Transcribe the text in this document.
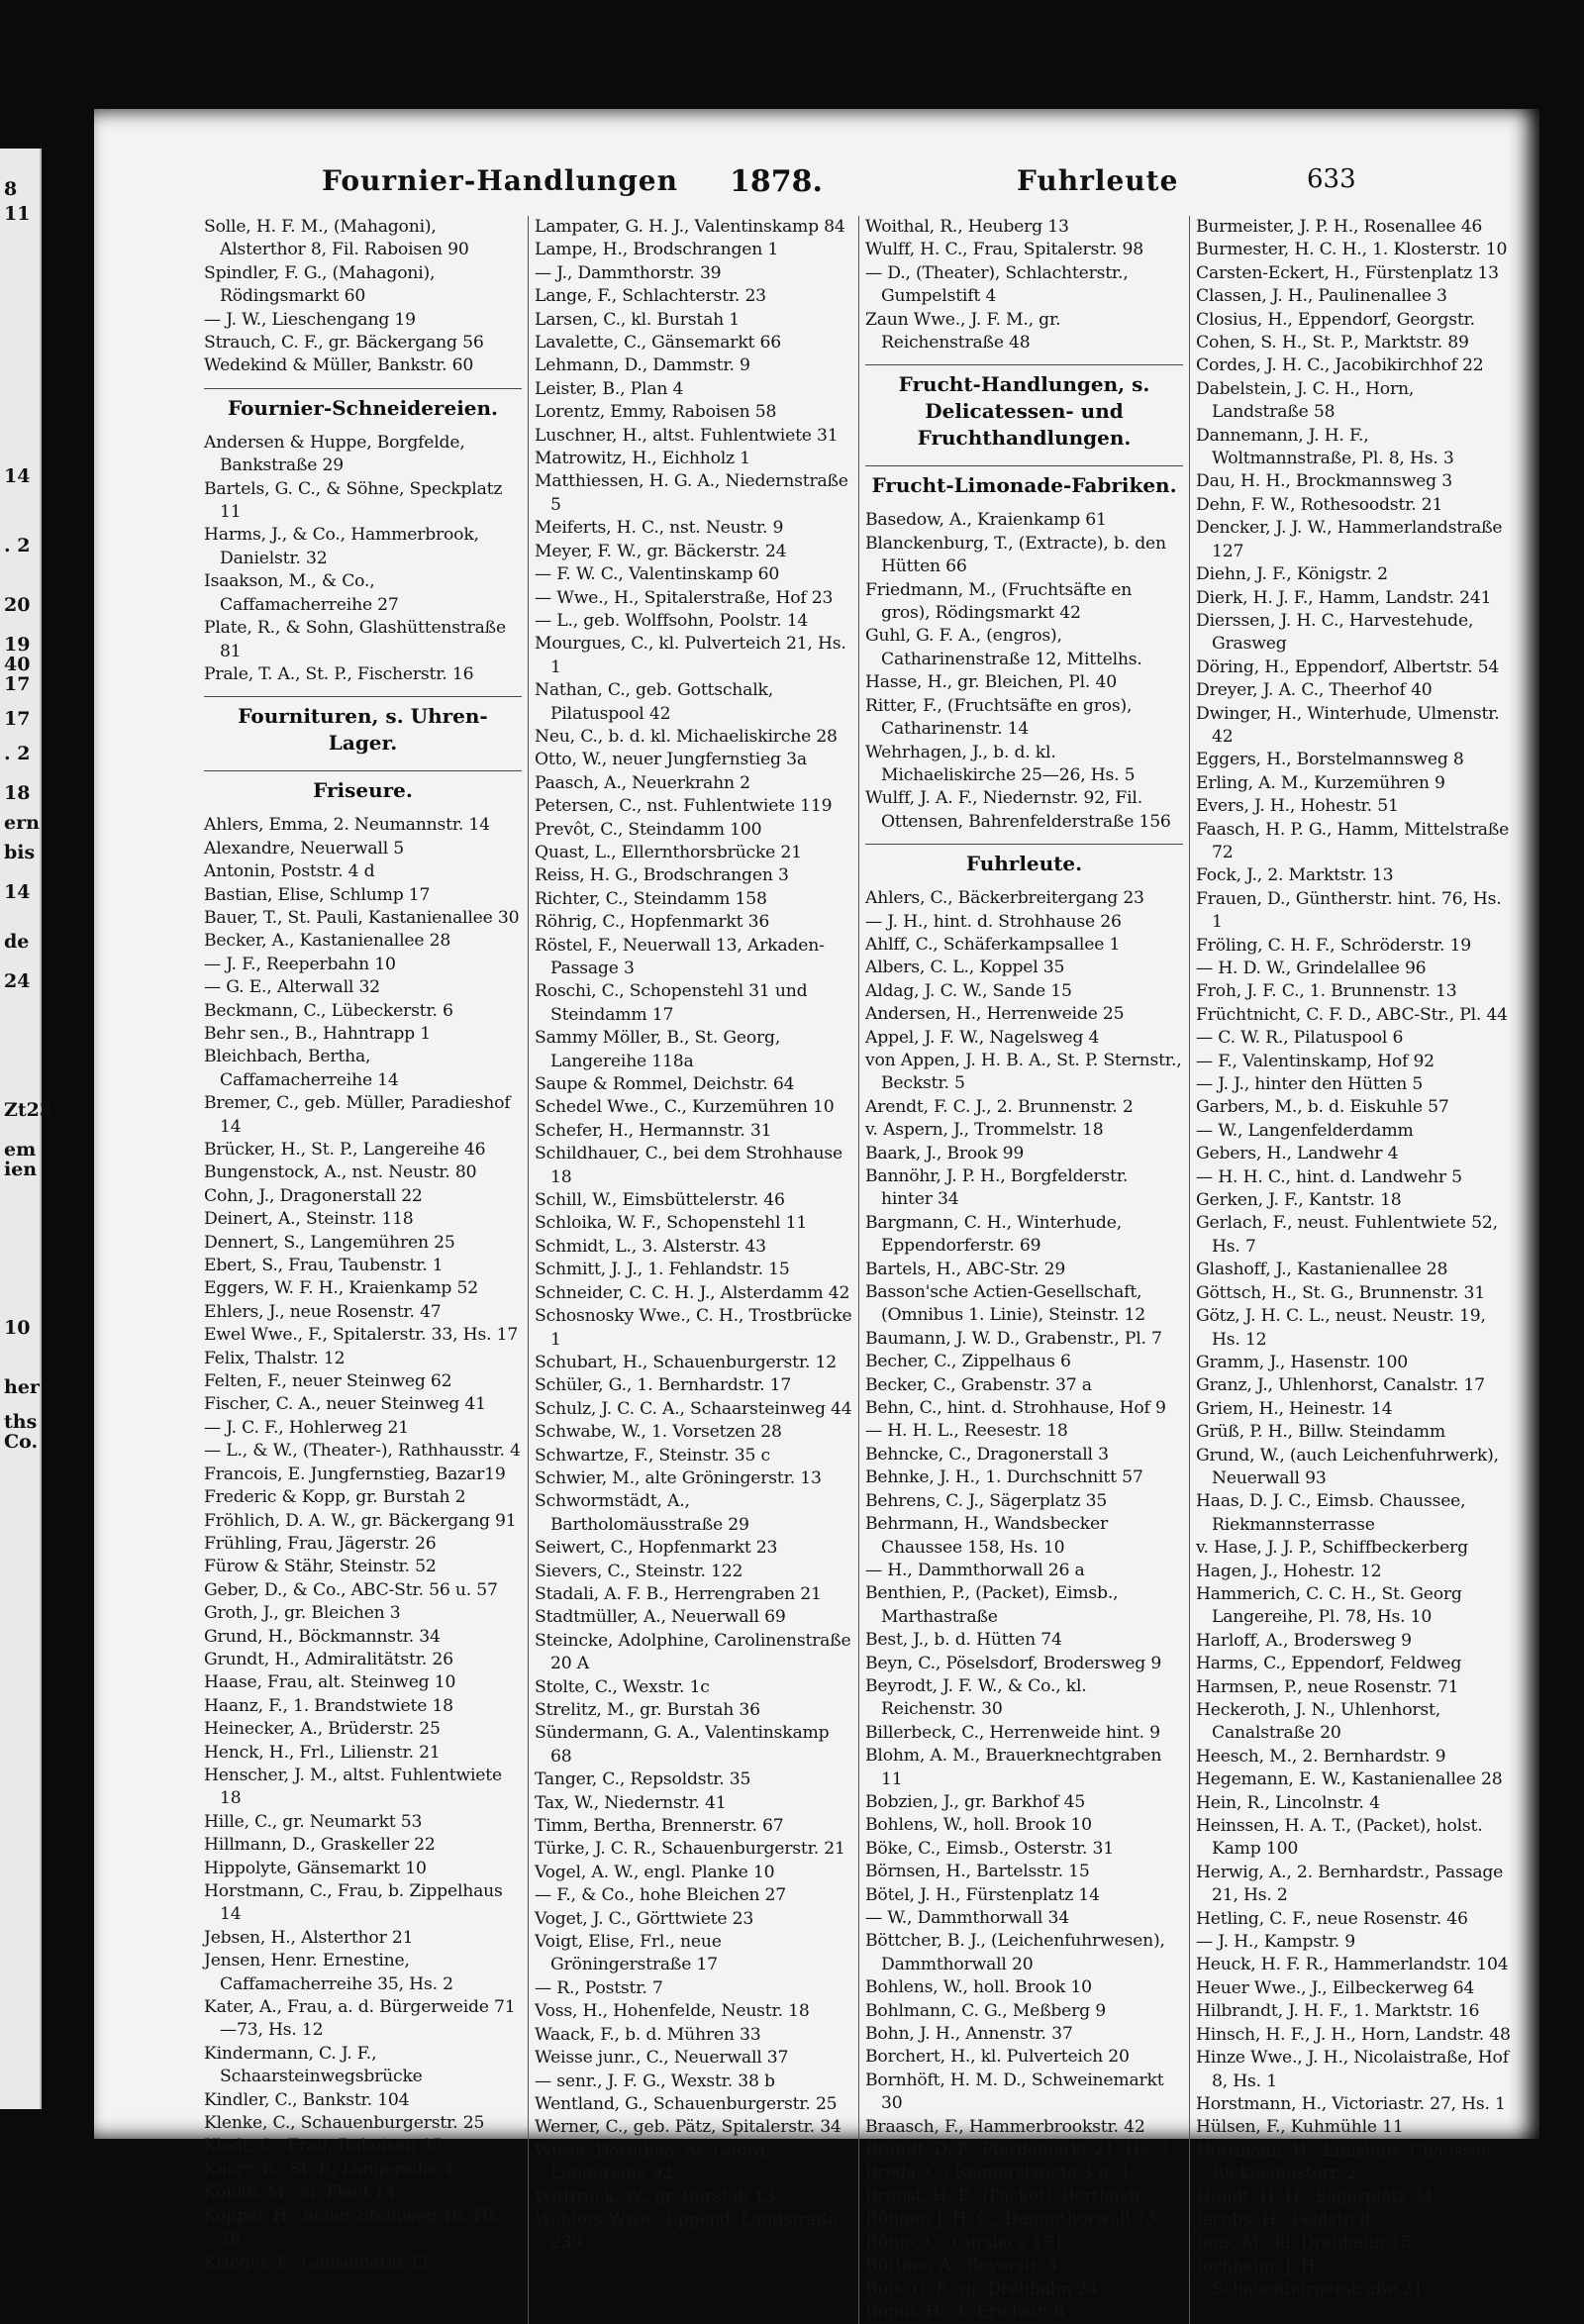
8
11
14
. 2
20
19
40
17
17
. 2
18
ern
bis
14
de
24
Zt23
em
ien
10
her
ths
Co.
Fournier-Handlungen 1878.	Fuhrleute	633
Solle, H. F. M., (Mahagoni), Alsterthor 8, Fil. Raboisen 90
Spindler, F. G., (Mahagoni), Rödingsmarkt 60
— J. W., Lieschengang 19
Strauch, C. F., gr. Bäckergang 56
Wedekind & Müller, Bankstr. 60
Fournier-Schneidereien.
Andersen & Huppe, Borgfelde, Bankstraße 29
Bartels, G. C., & Söhne, Speckplatz 11
Harms, J., & Co., Hammerbrook, Danielstr. 32
Isaakson, M., & Co., Caffamacherreihe 27
Plate, R., & Sohn, Glashüttenstraße 81
Prale, T. A., St. P., Fischerstr. 16
Fournituren, s. Uhren-Lager.
Friseure.
Ahlers, Emma, 2. Neumannstr. 14
Alexandre, Neuerwall 5
Antonin, Poststr. 4 d
Bastian, Elise, Schlump 17
Bauer, T., St. Pauli, Kastanienallee 30
Becker, A., Kastanienallee 28
— J. F., Reeperbahn 10
— G. E., Alterwall 32
Beckmann, C., Lübeckerstr. 6
Behr sen., B., Hahntrapp 1
Bleichbach, Bertha, Caffamacherreihe 14
Bremer, C., geb. Müller, Paradieshof 14
Brücker, H., St. P., Langereihe 46
Bungenstock, A., nst. Neustr. 80
Cohn, J., Dragonerstall 22
Deinert, A., Steinstr. 118
Dennert, S., Langemühren 25
Ebert, S., Frau, Taubenstr. 1
Eggers, W. F. H., Kraienkamp 52
Ehlers, J., neue Rosenstr. 47
Ewel Wwe., F., Spitalerstr. 33, Hs. 17
Felix, Thalstr. 12
Felten, F., neuer Steinweg 62
Fischer, C. A., neuer Steinweg 41
— J. C. F., Hohlerweg 21
— L., & W., (Theater-), Rathhausstr. 4
Francois, E. Jungfernstieg, Bazar19
Frederic & Kopp, gr. Burstah 2
Fröhlich, D. A. W., gr. Bäckergang 91
Frühling, Frau, Jägerstr. 26
Fürow & Stähr, Steinstr. 52
Geber, D., & Co., ABC-Str. 56 u. 57
Groth, J., gr. Bleichen 3
Grund, H., Böckmannstr. 34
Grundt, H., Admiralitätstr. 26
Haase, Frau, alt. Steinweg 10
Haanz, F., 1. Brandstwiete 18
Heinecker, A., Brüderstr. 25
Henck, H., Frl., Lilienstr. 21
Henscher, J. M., altst. Fuhlentwiete 18
Hille, C., gr. Neumarkt 53
Hillmann, D., Graskeller 22
Hippolyte, Gänsemarkt 10
Horstmann, C., Frau, b. Zippelhaus 14
Jebsen, H., Alsterthor 21
Jensen, Henr. Ernestine, Caffamacherreihe 35, Hs. 2
Kater, A., Frau, a. d. Bürgerweide 71—73, Hs. 12
Kindermann, C. J. F., Schaarsteinwegsbrücke
Kindler, C., Bankstr. 104
Klenke, C., Schauenburgerstr. 25
Klodt, C., Frau, Raboisen 35
Knorr, R., St. P., Langereihe 4
Könke, M., kl. Fleet 14
Koppel, H., neuer Steinweg 16, Hs. 18
Krieger, F., Gänsemarkt 11
Lampater, G. H. J., Valentinskamp 84
Lampe, H., Brodschrangen 1
— J., Dammthorstr. 39
Lange, F., Schlachterstr. 23
Larsen, C., kl. Burstah 1
Lavalette, C., Gänsemarkt 66
Lehmann, D., Dammstr. 9
Leister, B., Plan 4
Lorentz, Emmy, Raboisen 58
Luschner, H., altst. Fuhlentwiete 31
Matrowitz, H., Eichholz 1
Matthiessen, H. G. A., Niedernstraße 5
Meiferts, H. C., nst. Neustr. 9
Meyer, F. W., gr. Bäckerstr. 24
— F. W. C., Valentinskamp 60
— Wwe., H., Spitalerstraße, Hof 23
— L., geb. Wolffsohn, Poolstr. 14
Mourgues, C., kl. Pulverteich 21, Hs. 1
Nathan, C., geb. Gottschalk, Pilatuspool 42
Neu, C., b. d. kl. Michaeliskirche 28
Otto, W., neuer Jungfernstieg 3a
Paasch, A., Neuerkrahn 2
Petersen, C., nst. Fuhlentwiete 119
Prevôt, C., Steindamm 100
Quast, L., Ellernthorsbrücke 21
Reiss, H. G., Brodschrangen 3
Richter, C., Steindamm 158
Röhrig, C., Hopfenmarkt 36
Röstel, F., Neuerwall 13, Arkaden-Passage 3
Roschi, C., Schopenstehl 31 und Steindamm 17
Sammy Möller, B., St. Georg, Langereihe 118a
Saupe & Rommel, Deichstr. 64
Schedel Wwe., C., Kurzemühren 10
Schefer, H., Hermannstr. 31
Schildhauer, C., bei dem Strohhause 18
Schill, W., Eimsbüttelerstr. 46
Schloika, W. F., Schopenstehl 11
Schmidt, L., 3. Alsterstr. 43
Schmitt, J. J., 1. Fehlandstr. 15
Schneider, C. C. H. J., Alsterdamm 42
Schosnosky Wwe., C. H., Trostbrücke 1
Schubart, H., Schauenburgerstr. 12
Schüler, G., 1. Bernhardstr. 17
Schulz, J. C. C. A., Schaarsteinweg 44
Schwabe, W., 1. Vorsetzen 28
Schwartze, F., Steinstr. 35 c
Schwier, M., alte Gröningerstr. 13
Schwormstädt, A., Bartholomäusstraße 29
Seiwert, C., Hopfenmarkt 23
Sievers, C., Steinstr. 122
Stadali, A. F. B., Herrengraben 21
Stadtmüller, A., Neuerwall 69
Steincke, Adolphine, Carolinenstraße 20 A
Stolte, C., Wexstr. 1c
Strelitz, M., gr. Burstah 36
Sündermann, G. A., Valentinskamp 68
Tanger, C., Repsoldstr. 35
Tax, W., Niedernstr. 41
Timm, Bertha, Brennerstr. 67
Türke, J. C. R., Schauenburgerstr. 21
Vogel, A. W., engl. Planke 10
— F., & Co., hohe Bleichen 27
Voget, J. C., Görttwiete 23
Voigt, Elise, Frl., neue Gröningerstraße 17
— R., Poststr. 7
Voss, H., Hohenfelde, Neustr. 18
Waack, F., b. d. Mühren 33
Weisse junr., C., Neuerwall 37
— senr., J. F. G., Wexstr. 38 b
Wentland, G., Schauenburgerstr. 25
Werner, C., geb. Pätz, Spitalerstr. 34
Wiese, Dorothea, St. Georg, Langereihe 92
Wittfrück, W., gr. Burstah 13
Wohlers Wwe., Eppend. Landstraße 239
Woithal, R., Heuberg 13
Wulff, H. C., Frau, Spitalerstr. 98
— D., (Theater), Schlachterstr., Gumpelstift 4
Zaun Wwe., J. F. M., gr. Reichenstraße 48
Frucht-Handlungen, s. Delicatessen- und Fruchthandlungen.
Frucht-Limonade-Fabriken.
Basedow, A., Kraienkamp 61
Blanckenburg, T., (Extracte), b. den Hütten 66
Friedmann, M., (Fruchtsäfte en gros), Rödingsmarkt 42
Guhl, G. F. A., (engros), Catharinenstraße 12, Mittelhs.
Hasse, H., gr. Bleichen, Pl. 40
Ritter, F., (Fruchtsäfte en gros), Catharinenstr. 14
Wehrhagen, J., b. d. kl. Michaeliskirche 25—26, Hs. 5
Wulff, J. A. F., Niedernstr. 92, Fil. Ottensen, Bahrenfelderstraße 156
Fuhrleute.
Ahlers, C., Bäckerbreitergang 23
— J. H., hint. d. Strohhause 26
Ahlff, C., Schäferkampsallee 1
Albers, C. L., Koppel 35
Aldag, J. C. W., Sande 15
Andersen, H., Herrenweide 25
Appel, J. F. W., Nagelsweg 4
von Appen, J. H. B. A., St. P. Sternstr., Beckstr. 5
Arendt, F. C. J., 2. Brunnenstr. 2
v. Aspern, J., Trommelstr. 18
Baark, J., Brook 99
Bannöhr, J. P. H., Borgfelderstr. hinter 34
Bargmann, C. H., Winterhude, Eppendorferstr. 69
Bartels, H., ABC-Str. 29
Basson'sche Actien-Gesellschaft, (Omnibus 1. Linie), Steinstr. 12
Baumann, J. W. D., Grabenstr., Pl. 7
Becher, C., Zippelhaus 6
Becker, C., Grabenstr. 37 a
Behn, C., hint. d. Strohhause, Hof 9
— H. H. L., Reesestr. 18
Behncke, C., Dragonerstall 3
Behnke, J. H., 1. Durchschnitt 57
Behrens, C. J., Sägerplatz 35
Behrmann, H., Wandsbecker Chaussee 158, Hs. 10
— H., Dammthorwall 26 a
Benthien, P., (Packet), Eimsb., Marthastraße
Best, J., b. d. Hütten 74
Beyn, C., Pöselsdorf, Brodersweg 9
Beyrodt, J. F. W., & Co., kl. Reichenstr. 30
Billerbeck, C., Herrenweide hint. 9
Blohm, A. M., Brauerknechtgraben 11
Bobzien, J., gr. Barkhof 45
Bohlens, W., holl. Brook 10
Böke, C., Eimsb., Osterstr. 31
Börnsen, H., Bartelsstr. 15
Bötel, J. H., Fürstenplatz 14
— W., Dammthorwall 34
Böttcher, B. J., (Leichenfuhrwesen), Dammthorwall 20
Bohlens, W., holl. Brook 10
Bohlmann, C. G., Meßberg 9
Bohn, J. H., Annenstr. 37
Borchert, H., kl. Pulverteich 20
Bornhöft, H. M. D., Schweinemarkt 30
Braasch, F., Hammerbrookstr. 42
Brandt, D. F., Pferdemarkt 21, Hs. 3
Breda, C., Reimerstwiete 3 u. 4
Brunst, H. F., (Packet), Berthastr.
Bünger, J. H. C., Dammthorwall 73
Bünjo, C., Curslack 171
Büttner, A., Beyerstr. 4
Buls, G. F., gr. Drehbahn 24
Bumb, H., 1. Erichstr. 6
Burmeister, J. P. H., Rosenallee 46
Burmester, H. C. H., 1. Klosterstr. 10
Carsten-Eckert, H., Fürstenplatz 13
Classen, J. H., Paulinenallee 3
Closius, H., Eppendorf, Georgstr.
Cohen, S. H., St. P., Marktstr. 89
Cordes, J. H. C., Jacobikirchhof 22
Dabelstein, J. C. H., Horn, Landstraße 58
Dannemann, J. H. F., Woltmannstraße, Pl. 8, Hs. 3
Dau, H. H., Brockmannsweg 3
Dehn, F. W., Rothesoodstr. 21
Dencker, J. J. W., Hammerlandstraße 127
Diehn, J. F., Königstr. 2
Dierk, H. J. F., Hamm, Landstr. 241
Dierssen, J. H. C., Harvestehude, Grasweg
Döring, H., Eppendorf, Albertstr. 54
Dreyer, J. A. C., Theerhof 40
Dwinger, H., Winterhude, Ulmenstr. 42
Eggers, H., Borstelmannsweg 8
Erling, A. M., Kurzemühren 9
Evers, J. H., Hohestr. 51
Faasch, H. P. G., Hamm, Mittelstraße 72
Fock, J., 2. Marktstr. 13
Frauen, D., Güntherstr. hint. 76, Hs. 1
Fröling, C. H. F., Schröderstr. 19
— H. D. W., Grindelallee 96
Froh, J. F. C., 1. Brunnenstr. 13
Früchtnicht, C. F. D., ABC-Str., Pl. 44
— C. W. R., Pilatuspool 6
— F., Valentinskamp, Hof 92
— J. J., hinter den Hütten 5
Garbers, M., b. d. Eiskuhle 57
— W., Langenfelderdamm
Gebers, H., Landwehr 4
— H. H. C., hint. d. Landwehr 5
Gerken, J. F., Kantstr. 18
Gerlach, F., neust. Fuhlentwiete 52, Hs. 7
Glashoff, J., Kastanienallee 28
Göttsch, H., St. G., Brunnenstr. 31
Götz, J. H. C. L., neust. Neustr. 19, Hs. 12
Gramm, J., Hasenstr. 100
Granz, J., Uhlenhorst, Canalstr. 17
Griem, H., Heinestr. 14
Grüß, P. H., Billw. Steindamm
Grund, W., (auch Leichenfuhrwerk), Neuerwall 93
Haas, D. J. C., Eimsb. Chaussee, Riekmannsterrasse
v. Hase, J. J. P., Schiffbeckerberg
Hagen, J., Hohestr. 12
Hammerich, C. C. H., St. Georg Langereihe, Pl. 78, Hs. 10
Harloff, A., Brodersweg 9
Harms, C., Eppendorf, Feldweg
Harmsen, P., neue Rosenstr. 71
Heckeroth, J. N., Uhlenhorst, Canalstraße 20
Heesch, M., 2. Bernhardstr. 9
Hegemann, E. W., Kastanienallee 28
Hein, R., Lincolnstr. 4
Heinssen, H. A. T., (Packet), holst. Kamp 100
Herwig, A., 2. Bernhardstr., Passage 21, Hs. 2
Hetling, C. F., neue Rosenstr. 46
— J. H., Kampstr. 9
Heuck, H. F. R., Hammerlandstr. 104
Heuer Wwe., J., Eilbeckerweg 64
Hilbrandt, J. H. F., 1. Marktstr. 16
Hinsch, H. F., J. H., Horn, Landstr. 48
Hinze Wwe., J. H., Nicolaistraße, Hof 8, Hs. 1
Horstmann, H., Victoriastr. 27, Hs. 1
Hülsen, F., Kuhmühle 11
Hüttmann, H., Eimsbütt. Chaussee, Riekmannsterr. 2
Hundt, H. H., Sägerplatz 34
Jacobs, H., Feldstr. 8
Jens, M., kl. Drehbahn 15
Jochheim, J. H., Schauenburgerstraße 21
